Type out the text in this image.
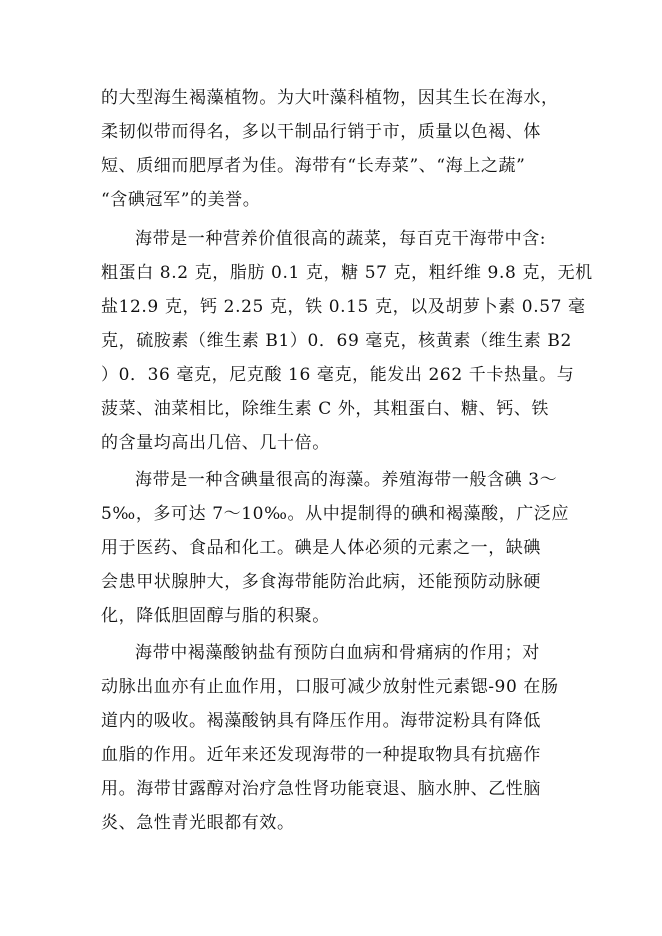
的大型海生褐藻植物。为大叶藻科植物，因其生长在海水，
柔韧似带而得名，多以干制品行销于市，质量以色褐、体
短、质细而肥厚者为佳。海带有“长寿菜”、“海上之蔬”
“含碘冠军”的美誉。
海带是一种营养价值很高的蔬菜，每百克干海带中含:
粗蛋白 8.2 克，脂肪 0.1 克，糖 57 克，粗纤维 9.8 克，无机
盐12.9 克，钙 2.25 克，铁 0.15 克，以及胡萝卜素 0.57 毫
克，硫胺素（维生素 B1）0．69 毫克，核黄素（维生素 B2
）0．36 毫克，尼克酸 16 毫克，能发出 262 千卡热量。与
菠菜、油菜相比，除维生素 C 外，其粗蛋白、糖、钙、铁
的含量均高出几倍、几十倍。
海带是一种含碘量很高的海藻。养殖海带一般含碘 3～
5‰，多可达 7～10‰。从中提制得的碘和褐藻酸，广泛应
用于医药、食品和化工。碘是人体必须的元素之一，缺碘
会患甲状腺肿大，多食海带能防治此病，还能预防动脉硬
化，降低胆固醇与脂的积聚。
海带中褐藻酸钠盐有预防白血病和骨痛病的作用；对
动脉出血亦有止血作用，口服可减少放射性元素锶-90 在肠
道内的吸收。褐藻酸钠具有降压作用。海带淀粉具有降低
血脂的作用。近年来还发现海带的一种提取物具有抗癌作
用。海带甘露醇对治疗急性肾功能衰退、脑水肿、乙性脑
炎、急性青光眼都有效。
